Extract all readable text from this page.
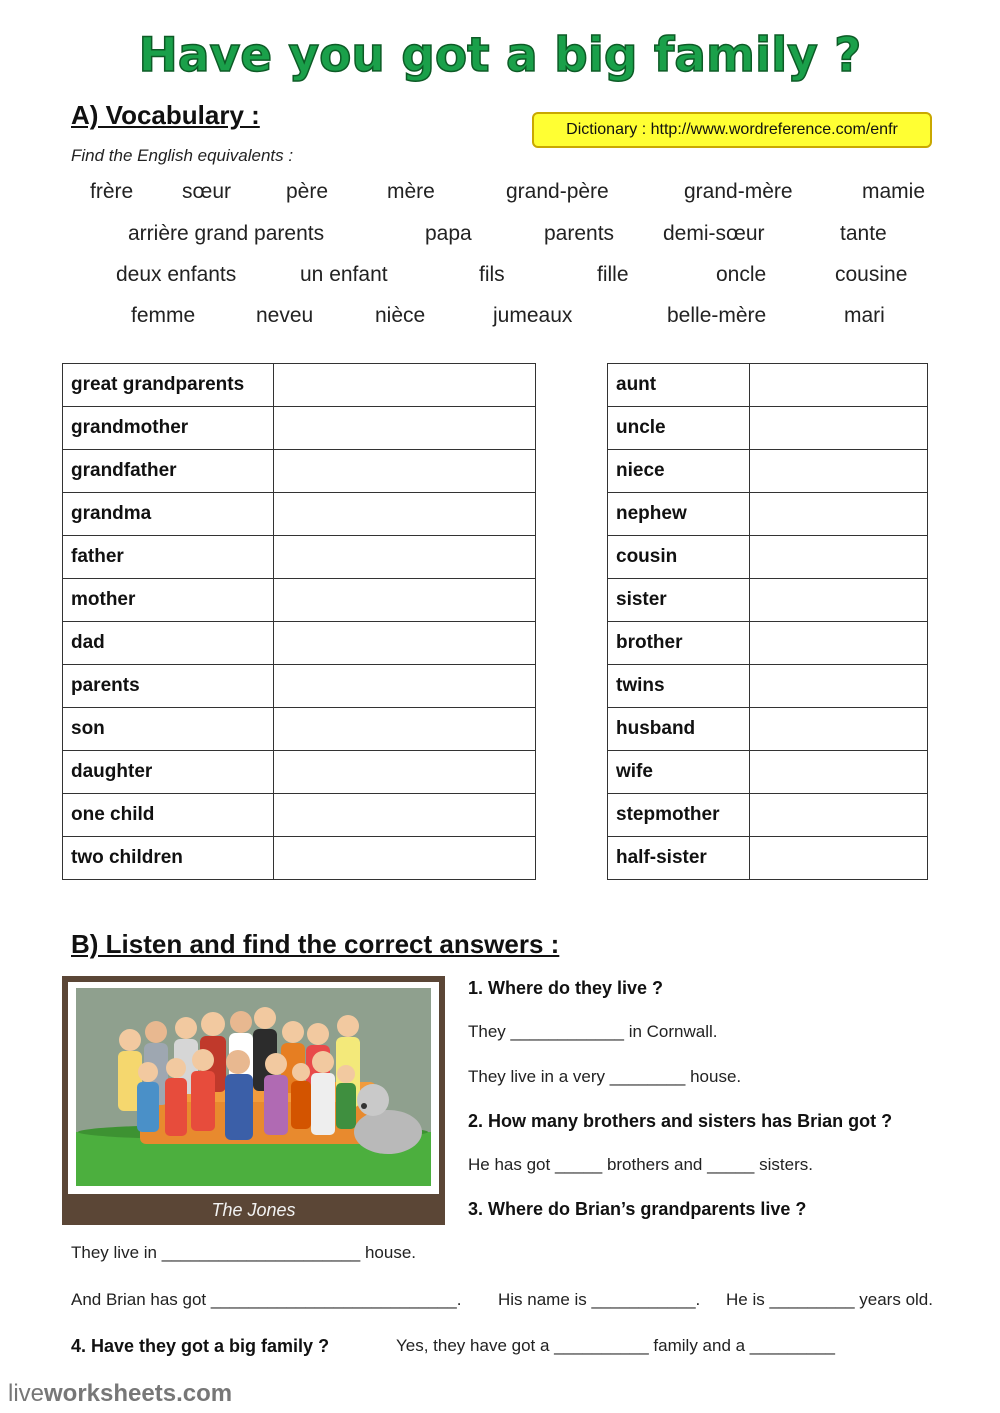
Have you got a big family ?
A) Vocabulary :	Dictionary : http://www.wordreference.com/enfr
Find the English equivalents :
frère sœur	père	mère	grand-père	grand-mère	mamie
arrière grand parents	papa	parents demi-sœur	tante
deux enfants	un enfant	fils	fille	oncle	cousine
femme	neveu	nièce	jumeaux	belle-mère	mari
great grandparents	
grandmother	
grandfather	
grandma	
father	
mother	
dad	
parents	
son	
daughter	
one child	
two children	
aunt	
uncle	
niece	
nephew	
cousin	
sister	
brother	
twins	
husband	
wife	
stepmother	
half-sister	
B) Listen and find the correct answers :
The Jones
1. Where do they live ?
They ____________ in Cornwall.
They live in a very ________ house.
2. How many brothers and sisters has Brian got ?
He has got _____ brothers and _____ sisters.
3. Where do Brian’s grandparents live ?
They live in _____________________ house.
And Brian has got __________________________. His name is ___________. He is _________ years old.
4. Have they got a big family ?	Yes, they have got a __________ family and a _________
liveworksheets.com
